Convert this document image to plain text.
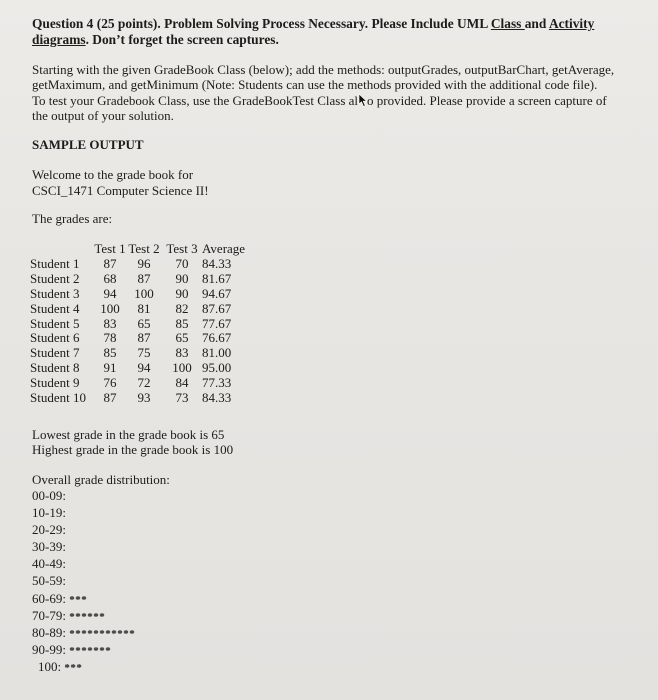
Question 4 (25 points). Problem Solving Process Necessary. Please Include UML Class and Activity
diagrams. Don’t forget the screen captures.
Starting with the given GradeBook Class (below); add the methods: outputGrades, outputBarChart, getAverage,
getMaximum, and getMinimum (Note: Students can use the methods provided with the additional code file).
To test your Gradebook Class, use the GradeBookTest Class al o provided. Please provide a screen capture of
the output of your solution.
SAMPLE OUTPUT
Welcome to the grade book for
CSCI_1471 Computer Science II!
The grades are:
	Test 1	Test 2	Test 3	Average
Student 1	87	96	70	84.33
Student 2	68	87	90	81.67
Student 3	94	100	90	94.67
Student 4	100	81	82	87.67
Student 5	83	65	85	77.67
Student 6	78	87	65	76.67
Student 7	85	75	83	81.00
Student 8	91	94	100	95.00
Student 9	76	72	84	77.33
Student 10	87	93	73	84.33
Lowest grade in the grade book is 65
Highest grade in the grade book is 100
Overall grade distribution:
00-09:
10-19:
20-29:
30-39:
40-49:
50-59:
60-69: ***
70-79: ******
80-89: ***********
90-99: *******
100: ***
